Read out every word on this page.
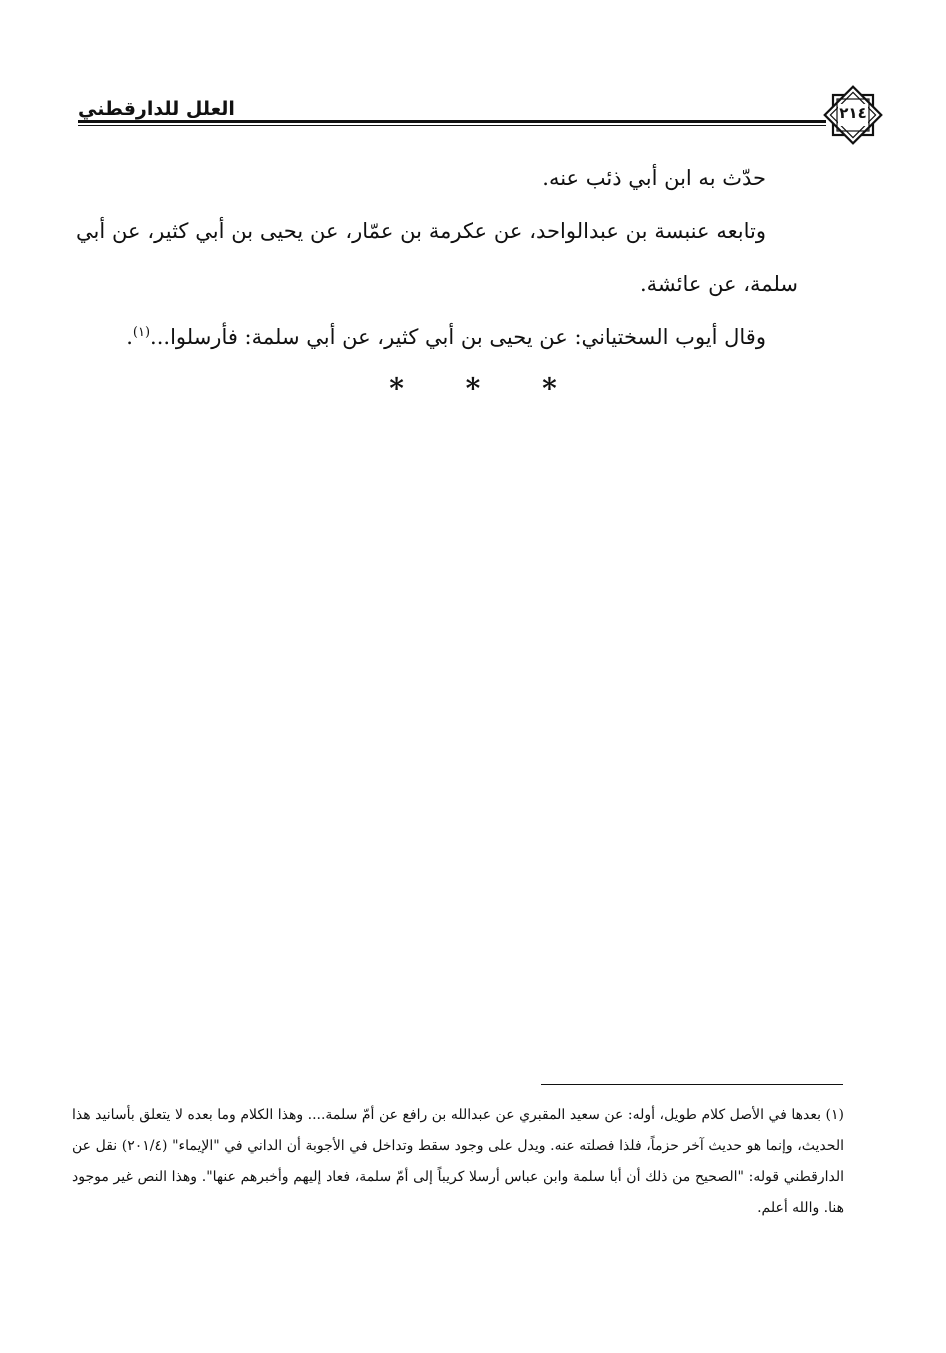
العلل للدارقطني	٢١٤

حدّث به ابن أبي ذئب عنه.

وتابعه عنبسة بن عبدالواحد، عن عكرمة بن عمّار، عن يحيى بن أبي كثير، عن أبي سلمة، عن عائشة.

وقال أيوب السختياني: عن يحيى بن أبي كثير، عن أبي سلمة: فأرسلوا...$^{(١)}$.

* * *

(١) بعدها في الأصل كلام طويل، أوله: عن سعيد المقبري عن عبدالله بن رافع عن أمّ سلمة.... وهذا الكلام وما بعده لا يتعلق بأسانيد هذا الحديث، وإنما هو حديث آخر حزماً، فلذا فصلته عنه. ويدل على وجود سقط وتداخل في الأجوبة أن الداني في "الإيماء" (٢٠١/٤) نقل عن الدارقطني قوله: "الصحيح من ذلك أن أبا سلمة وابن عباس أرسلا كريباً إلى أمّ سلمة، فعاد إليهم وأخبرهم عنها". وهذا النص غير موجود هنا. والله أعلم.
